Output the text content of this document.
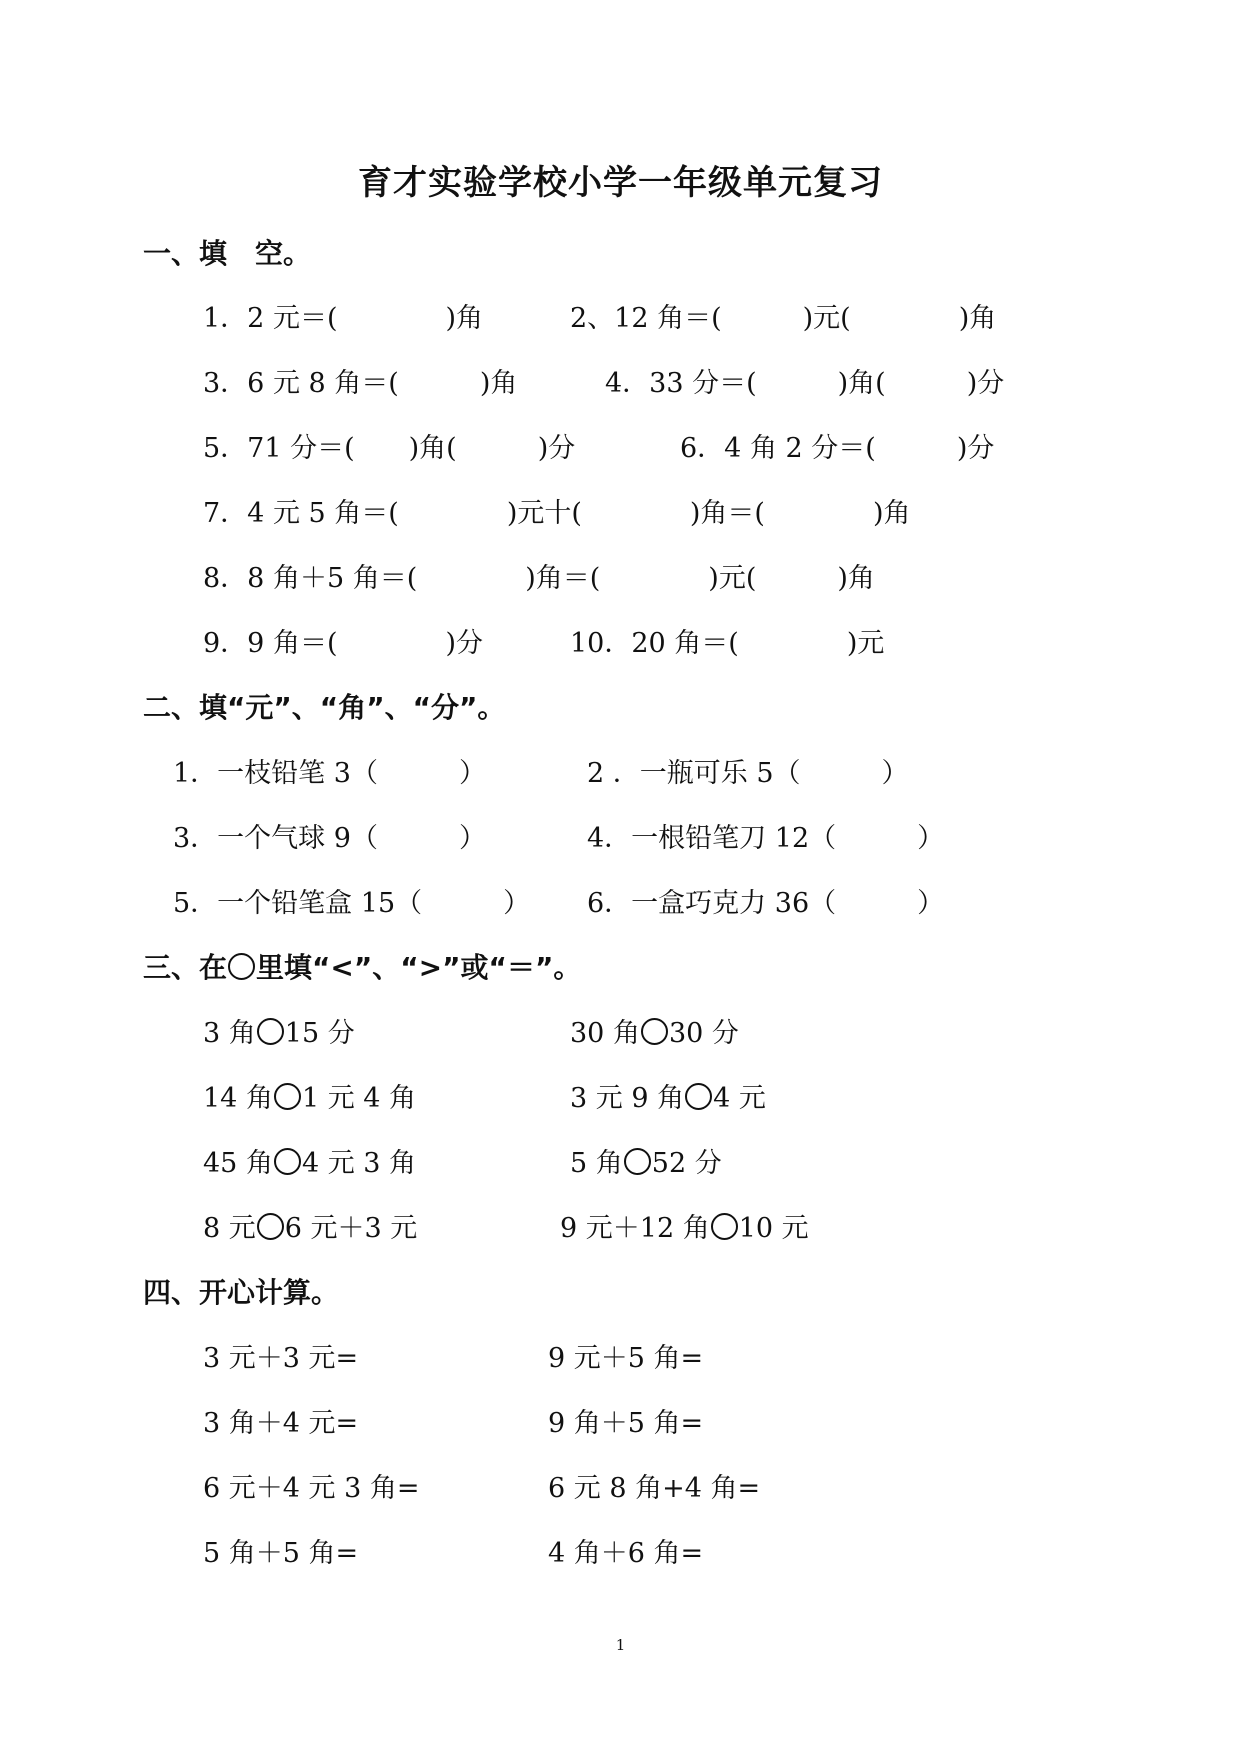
育才实验学校小学一年级单元复习
一、填　空。
1．2 元＝(　　　　)角	2、12 角＝(　　　)元(　　　　)角
3．6 元 8 角＝(　　　)角	4．33 分＝(　　　)角(　　　)分
5．71 分＝(　　)角(　　　)分	6．4 角 2 分＝(　　　)分
7．4 元 5 角＝(　　　　)元十(　　　　)角＝(　　　　)角
8．8 角＋5 角＝(　　　　)角＝(　　　　)元(　　　)角
9．9 角＝(　　　　)分	10．20 角＝(　　　　)元
二、填“元”、“角”、“分”。
1．一枝铅笔 3（　　　）	2 ．一瓶可乐 5（　　　）
3．一个气球 9（　　　）	4．一根铅笔刀 12（　　　）
5．一个铅笔盒 15（　　　） 6．一盒巧克力 36（　　　）
三、在 里填“<”、“>”或“＝”。
3 角 15 分	30 角 30 分
14 角 1 元 4 角	3 元 9 角 4 元
45 角 4 元 3 角	5 角 52 分
8 元 6 元＋3 元	9 元＋12 角 10 元
四、开心计算。
3 元＋3 元=	9 元＋5 角=
3 角＋4 元=	9 角＋5 角=
6 元＋4 元 3 角=	6 元 8 角+4 角=
5 角＋5 角=	4 角＋6 角=
1
